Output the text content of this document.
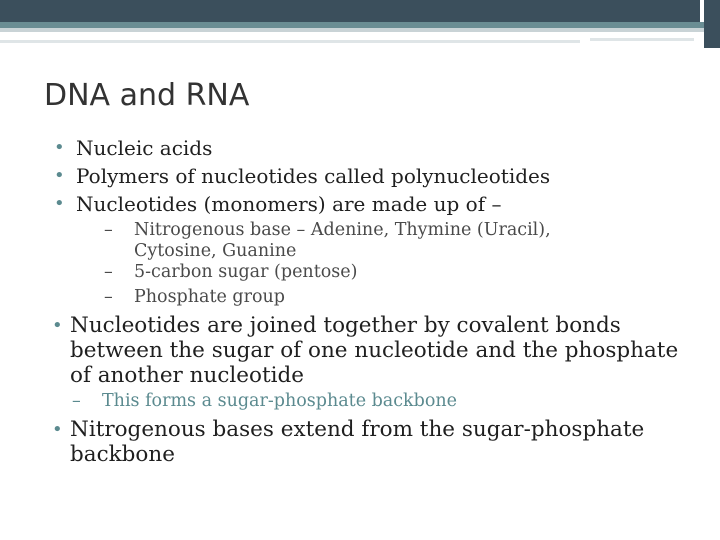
DNA and RNA
• Nucleic acids
• Polymers of nucleotides called polynucleotides
• Nucleotides (monomers) are made up of –
– Nitrogenous base – Adenine, Thymine (Uracil), Cytosine, Guanine
– 5-carbon sugar (pentose)
– Phosphate group
• Nucleotides are joined together by covalent bonds between the sugar of one nucleotide and the phosphate of another nucleotide
– This forms a sugar-phosphate backbone
• Nitrogenous bases extend from the sugar-phosphate backbone
